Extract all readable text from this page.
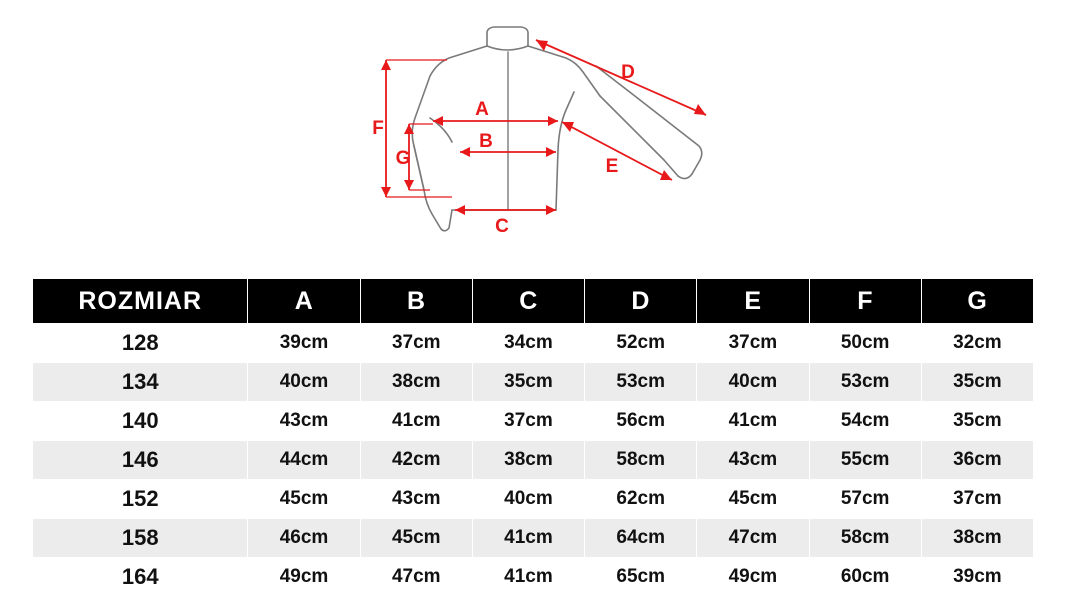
A
B
C
D
E
F
G
ROZMIAR	A	B	C	D	E	F	G
128	39cm	37cm	34cm	52cm	37cm	50cm	32cm
134	40cm	38cm	35cm	53cm	40cm	53cm	35cm
140	43cm	41cm	37cm	56cm	41cm	54cm	35cm
146	44cm	42cm	38cm	58cm	43cm	55cm	36cm
152	45cm	43cm	40cm	62cm	45cm	57cm	37cm
158	46cm	45cm	41cm	64cm	47cm	58cm	38cm
164	49cm	47cm	41cm	65cm	49cm	60cm	39cm
